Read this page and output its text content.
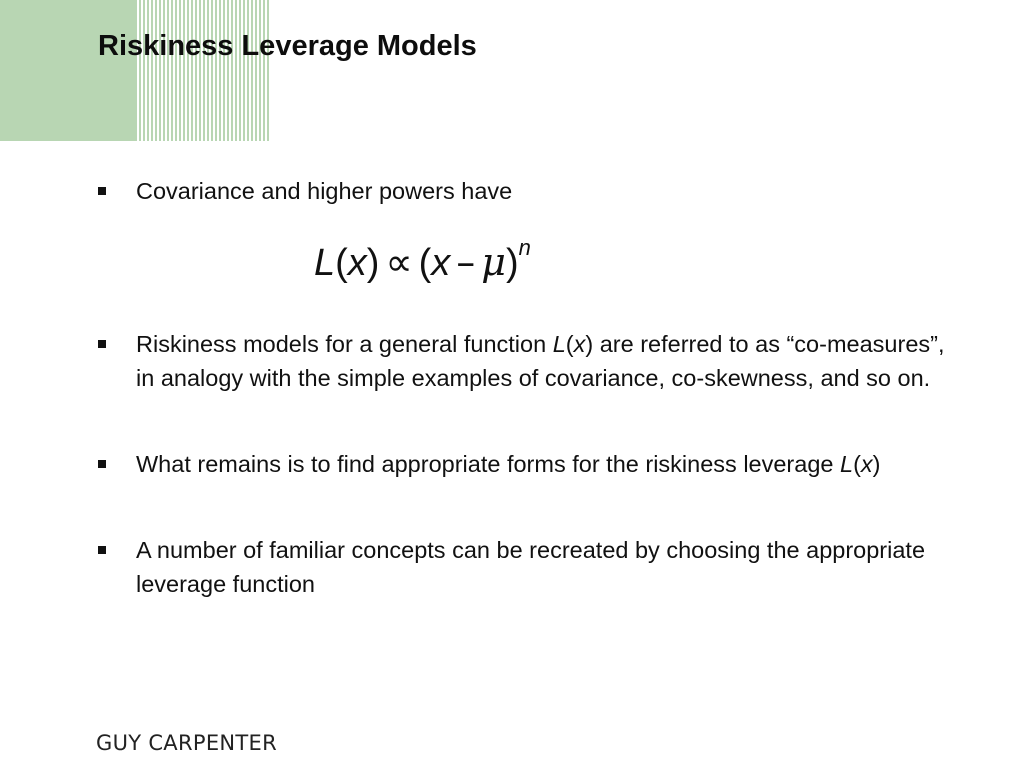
Riskiness Leverage Models
Covariance and higher powers have
Riskiness models for a general function L(x) are referred to as “co-measures”, in analogy with the simple examples of covariance, co-skewness, and so on.
What remains is to find appropriate forms for the riskiness leverage L(x)
A number of familiar concepts can be recreated by choosing the appropriate leverage function
L(x) ∝ (x – μ)$^n$
GUY CARPENTER
